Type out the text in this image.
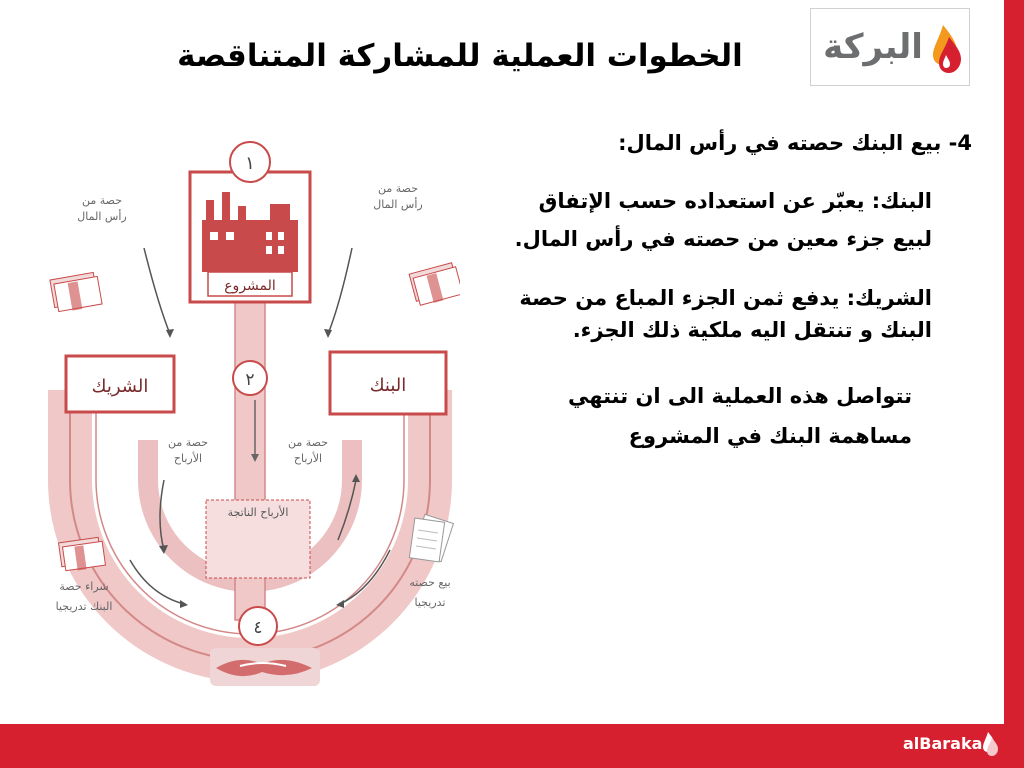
الخطوات العملية للمشاركة المتناقصة	البركة

4- بيع البنك حصته في رأس المال:

البنك: يعبّر عن استعداده حسب الإتفاق

لبيع جزء معين من حصته في رأس المال.

الشريك: يدفع ثمن الجزء المباع من حصة

البنك و تنتقل اليه ملكية ذلك الجزء.

تتواصل هذه العملية الى ان تنتهي

مساهمة البنك في المشروع

المشروع
١
٢
٤
الشريك	البنك
الأرباح الناتجة
حصة من
رأس المال
حصة من
رأس المال
حصة من
الأرباح
حصة من
الأرباح
شراء حصة
البنك تدريجيا
بيع حصته
تدريجيا
alBaraka
